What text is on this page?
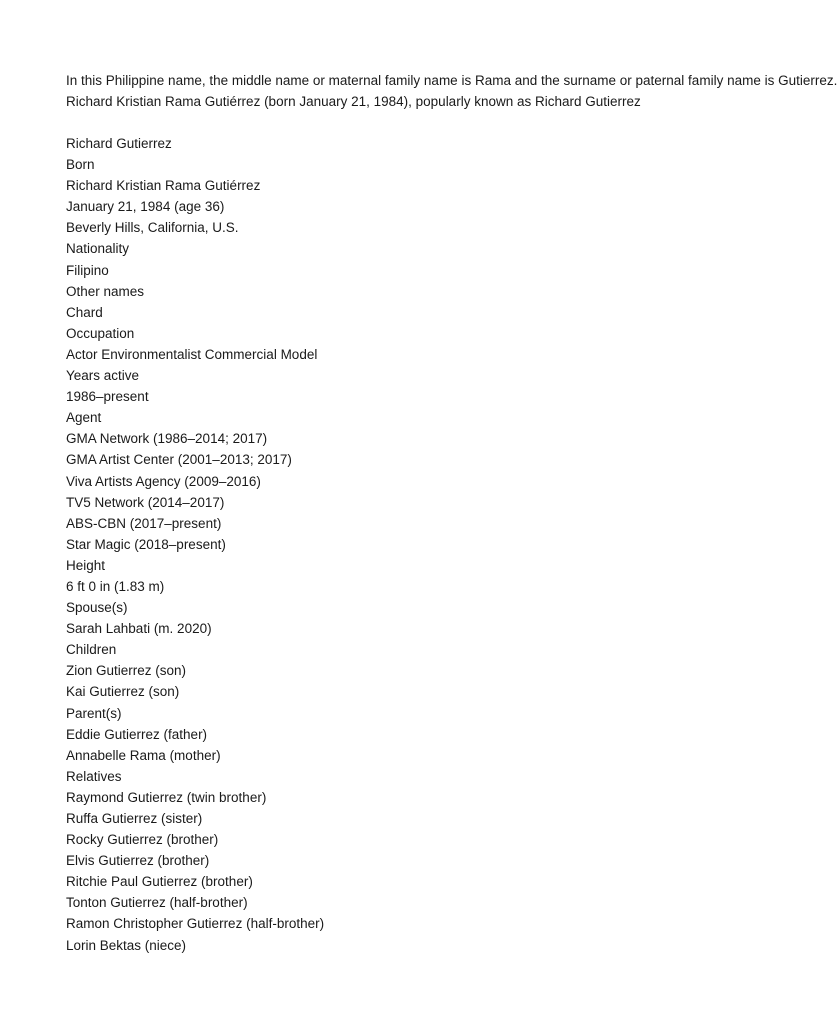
In this Philippine name, the middle name or maternal family name is Rama and the surname or paternal family name is Gutierrez.
Richard Kristian Rama Gutiérrez (born January 21, 1984), popularly known as Richard Gutierrez
Richard Gutierrez
Born
Richard Kristian Rama Gutiérrez
January 21, 1984 (age 36)
Beverly Hills, California, U.S.
Nationality
Filipino
Other names
Chard
Occupation
Actor Environmentalist Commercial Model
Years active
1986–present
Agent
GMA Network (1986–2014; 2017)
GMA Artist Center (2001–2013; 2017)
Viva Artists Agency (2009–2016)
TV5 Network (2014–2017)
ABS-CBN (2017–present)
Star Magic (2018–present)
Height
6 ft 0 in (1.83 m)
Spouse(s)
Sarah Lahbati (m. 2020)
Children
Zion Gutierrez (son)
Kai Gutierrez (son)
Parent(s)
Eddie Gutierrez (father)
Annabelle Rama (mother)
Relatives
Raymond Gutierrez (twin brother)
Ruffa Gutierrez (sister)
Rocky Gutierrez (brother)
Elvis Gutierrez (brother)
Ritchie Paul Gutierrez (brother)
Tonton Gutierrez (half-brother)
Ramon Christopher Gutierrez (half-brother)
Lorin Bektas (niece)
